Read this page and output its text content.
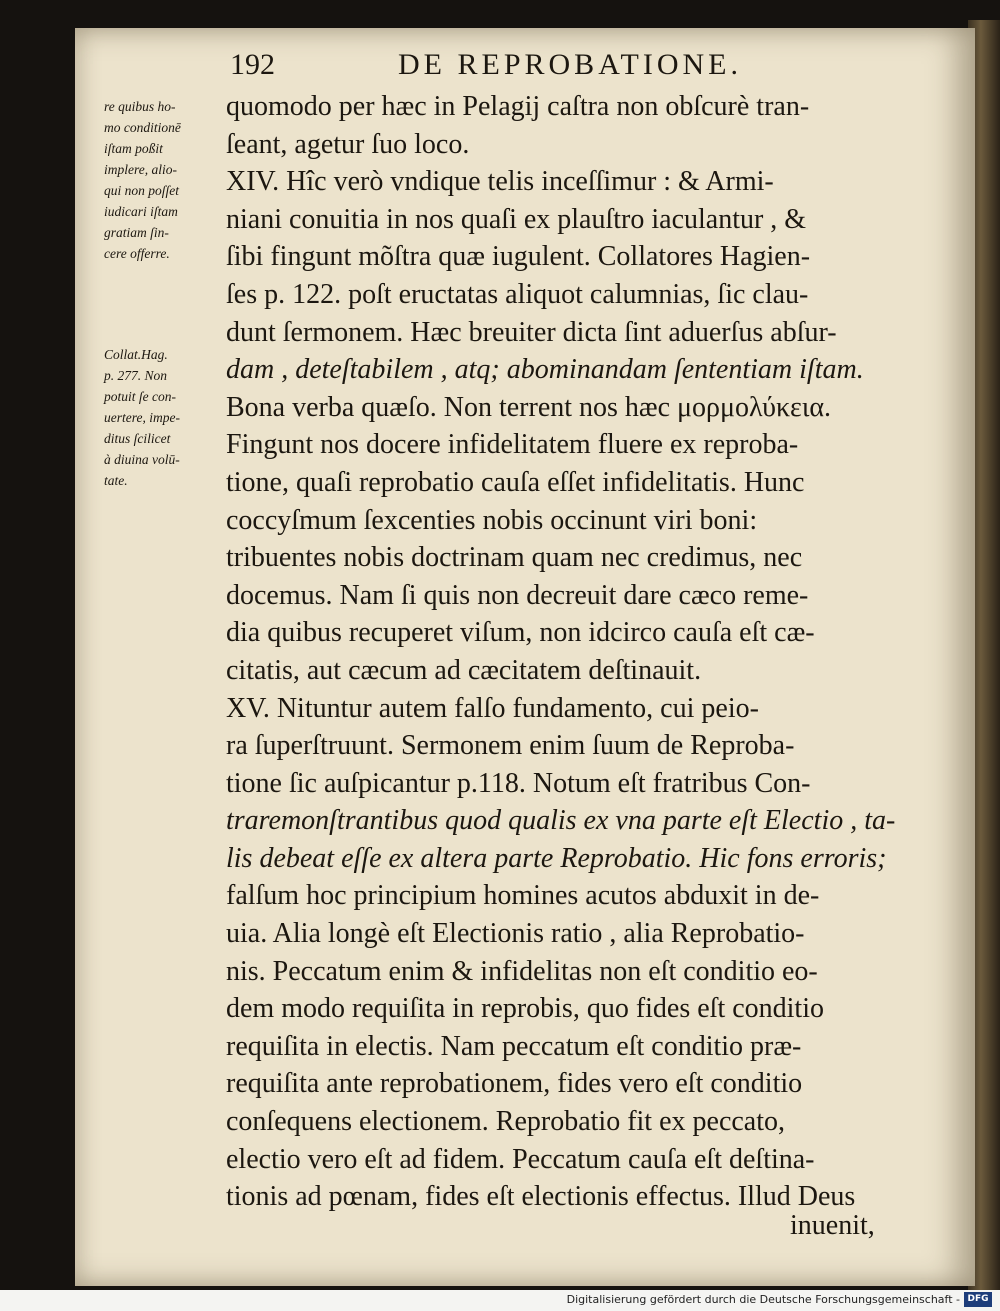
192	DE REPROBATIONE.
re quibus ho-
mo conditionē
iſtam poßit
implere, alio-
qui non poſſet
iudicari iſtam
gratiam ſin-
cere offerre.
Collat.Hag.
p. 277. Non
potuit ſe con-
uertere, impe-
ditus ſcilicet
à diuina volū-
tate.
quomodo per hæc in Pelagij caſtra non obſcurè tran-
ſeant, agetur ſuo loco.
XIV. Hîc verò vndique telis inceſſimur : & Armi-
niani conuitia in nos quaſi ex plauſtro iaculantur , &
ſibi fingunt mõſtra quæ iugulent. Collatores Hagien-
ſes p. 122. poſt eructatas aliquot calumnias, ſic clau-
dunt ſermonem. Hæc breuiter dicta ſint aduerſus abſur-
dam , deteſtabilem , atq; abominandam ſententiam iſtam.
Bona verba quæſo. Non terrent nos hæc μορμολύκεια.
Fingunt nos docere infidelitatem fluere ex reproba-
tione, quaſi reprobatio cauſa eſſet infidelitatis. Hunc
coccyſmum ſexcenties nobis occinunt viri boni:
tribuentes nobis doctrinam quam nec credimus, nec
docemus. Nam ſi quis non decreuit dare cæco reme-
dia quibus recuperet viſum, non idcirco cauſa eſt cæ-
citatis, aut cæcum ad cæcitatem deſtinauit.
XV. Nituntur autem falſo fundamento, cui peio-
ra ſuperſtruunt. Sermonem enim ſuum de Reproba-
tione ſic auſpicantur p.118. Notum eſt fratribus Con-
traremonſtrantibus quod qualis ex vna parte eſt Electio , ta-
lis debeat eſſe ex altera parte Reprobatio. Hic fons erroris;
falſum hoc principium homines acutos abduxit in de-
uia. Alia longè eſt Electionis ratio , alia Reprobatio-
nis. Peccatum enim & infidelitas non eſt conditio eo-
dem modo requiſita in reprobis, quo fides eſt conditio
requiſita in electis. Nam peccatum eſt conditio præ-
requiſita ante reprobationem, fides vero eſt conditio
conſequens electionem. Reprobatio fit ex peccato,
electio vero eſt ad fidem. Peccatum cauſa eſt deſtina-
tionis ad pœnam, fides eſt electionis effectus. Illud Deus
inuenit,
Digitalisierung gefördert durch die Deutsche Forschungsgemeinschaft - DFG
